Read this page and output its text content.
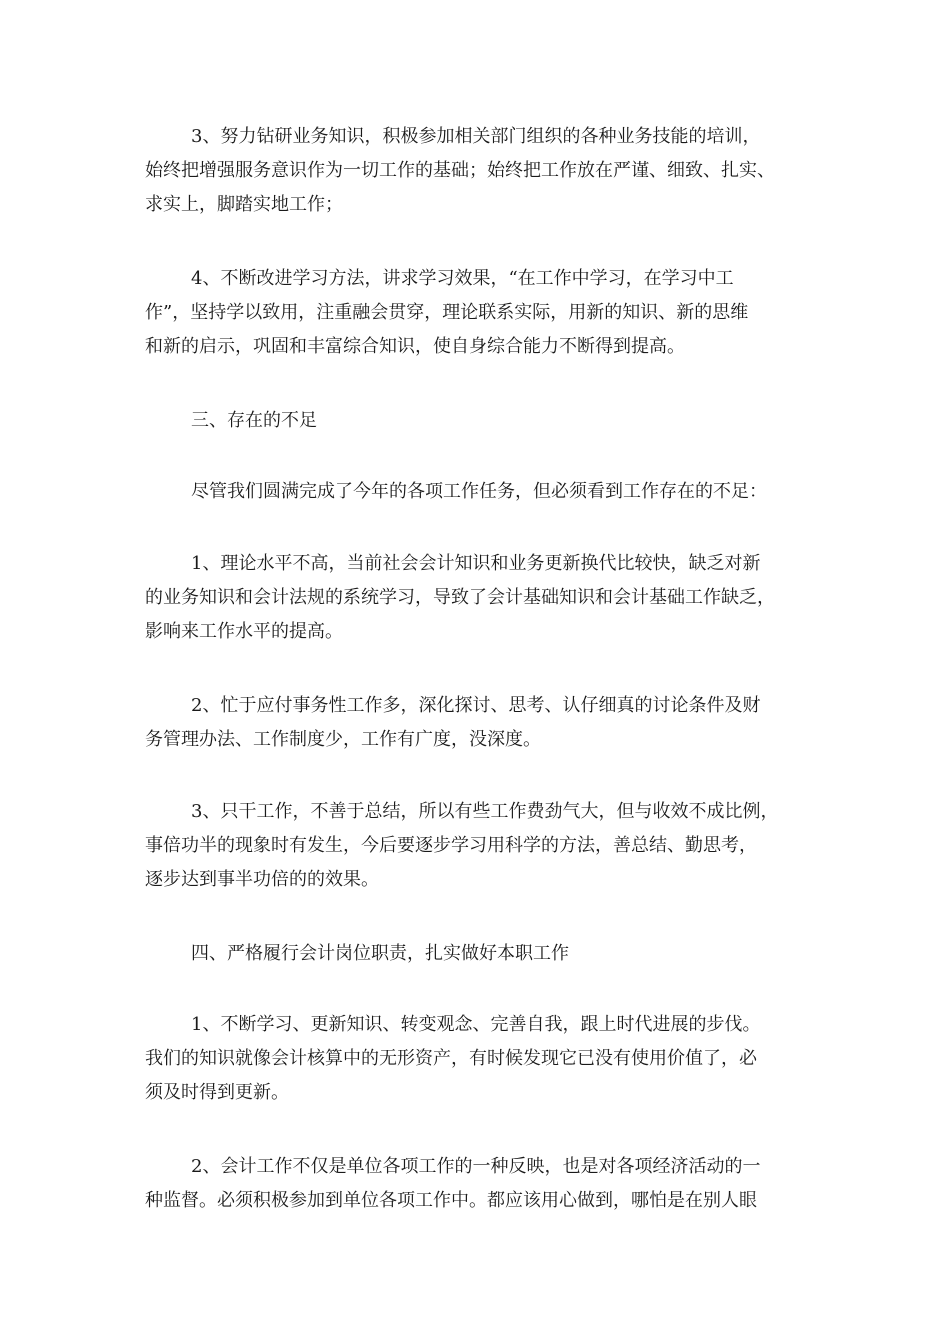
3、努力钻研业务知识，积极参加相关部门组织的各种业务技能的培训，
始终把增强服务意识作为一切工作的基础；始终把工作放在严谨、细致、扎实、
求实上，脚踏实地工作；

4、不断改进学习方法，讲求学习效果，“在工作中学习，在学习中工
作”，坚持学以致用，注重融会贯穿，理论联系实际，用新的知识、新的思维
和新的启示，巩固和丰富综合知识，使自身综合能力不断得到提高。

三、存在的不足

尽管我们圆满完成了今年的各项工作任务，但必须看到工作存在的不足：

1、理论水平不高，当前社会会计知识和业务更新换代比较快，缺乏对新
的业务知识和会计法规的系统学习，导致了会计基础知识和会计基础工作缺乏，
影响来工作水平的提高。

2、忙于应付事务性工作多，深化探讨、思考、认仔细真的讨论条件及财
务管理办法、工作制度少，工作有广度，没深度。

3、只干工作，不善于总结，所以有些工作费劲气大，但与收效不成比例，
事倍功半的现象时有发生，今后要逐步学习用科学的方法，善总结、勤思考，
逐步达到事半功倍的的效果。

四、严格履行会计岗位职责，扎实做好本职工作

1、不断学习、更新知识、转变观念、完善自我，跟上时代进展的步伐。
我们的知识就像会计核算中的无形资产，有时候发现它已没有使用价值了，必
须及时得到更新。

2、会计工作不仅是单位各项工作的一种反映，也是对各项经济活动的一
种监督。必须积极参加到单位各项工作中。都应该用心做到，哪怕是在别人眼
